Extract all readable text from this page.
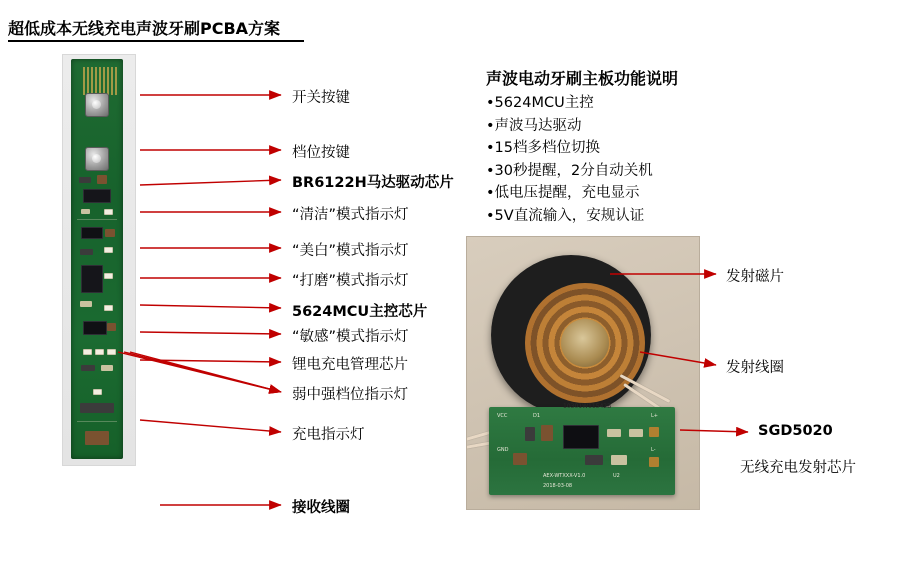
超低成本无线充电声波牙刷PCBA方案
VCC	D1
GND
L+
L-
U2
AEX-WTXXX-V1.0
2018-03-08
10301W11542B
开关按键
档位按键
BR6122H马达驱动芯片
“清洁”模式指示灯
“美白”模式指示灯
“打磨”模式指示灯
5624MCU主控芯片
“敏感”模式指示灯
锂电充电管理芯片
弱中强档位指示灯
充电指示灯
接收线圈
发射磁片
发射线圈
SGD5020
无线充电发射芯片
声波电动牙刷主板功能说明
•5624MCU主控
•声波马达驱动
•15档多档位切换
•30秒提醒，2分自动关机
•低电压提醒，充电显示
•5V直流输入，安规认证
